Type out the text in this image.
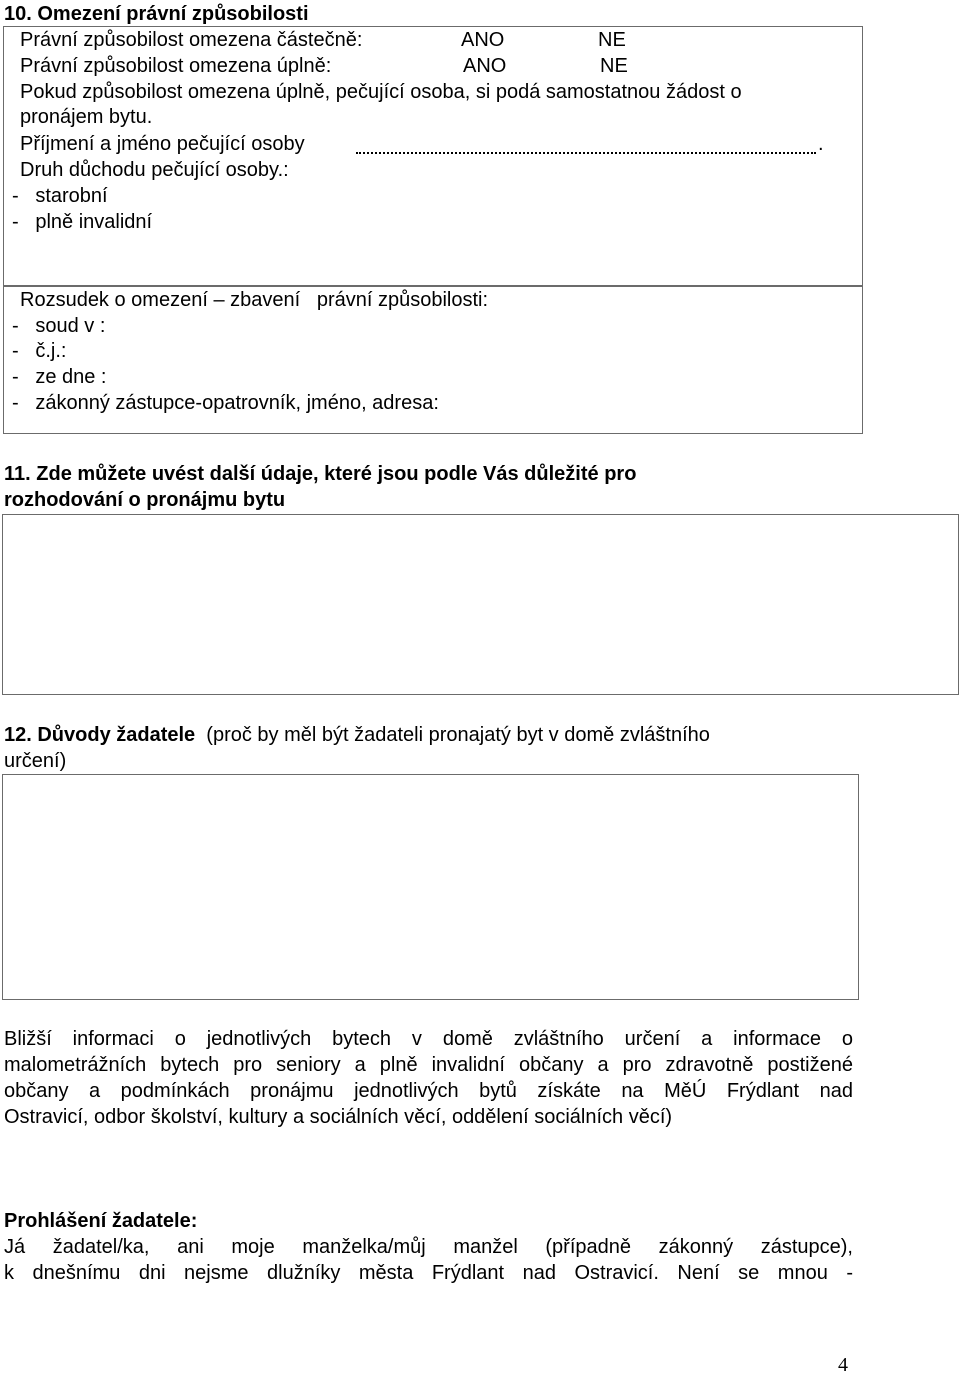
10. Omezení právní způsobilosti
Právní způsobilost omezena částečně:	ANO	NE
Právní způsobilost omezena úplně:	ANO	NE
Pokud způsobilost omezena úplně, pečující osoba, si podá samostatnou žádost o
pronájem bytu.
Příjmení a jméno pečující osoby	.
Druh důchodu pečující osoby.:
-   starobní
-   plně invalidní
Rozsudek o omezení – zbavení   právní způsobilosti:
-   soud v :
-   č.j.:
-   ze dne :
-   zákonný zástupce-opatrovník, jméno, adresa:
11. Zde můžete uvést další údaje, které jsou podle Vás důležité pro
rozhodování o pronájmu bytu
12. Důvody žadatele  (proč by měl být žadateli pronajatý byt v domě zvláštního
určení)
Bližší informaci o jednotlivých bytech v domě zvláštního určení a informace o
malometrážních bytech pro seniory a plně invalidní občany a pro zdravotně postižené
občany a podmínkách pronájmu jednotlivých bytů získáte na MěÚ Frýdlant nad
Ostravicí, odbor školství, kultury a sociálních věcí, oddělení sociálních věcí)
Prohlášení žadatele:
Já žadatel/ka, ani moje manželka/můj manžel (případně zákonný zástupce),
k dnešnímu dni nejsme dlužníky města Frýdlant nad Ostravicí. Není se mnou -
4
